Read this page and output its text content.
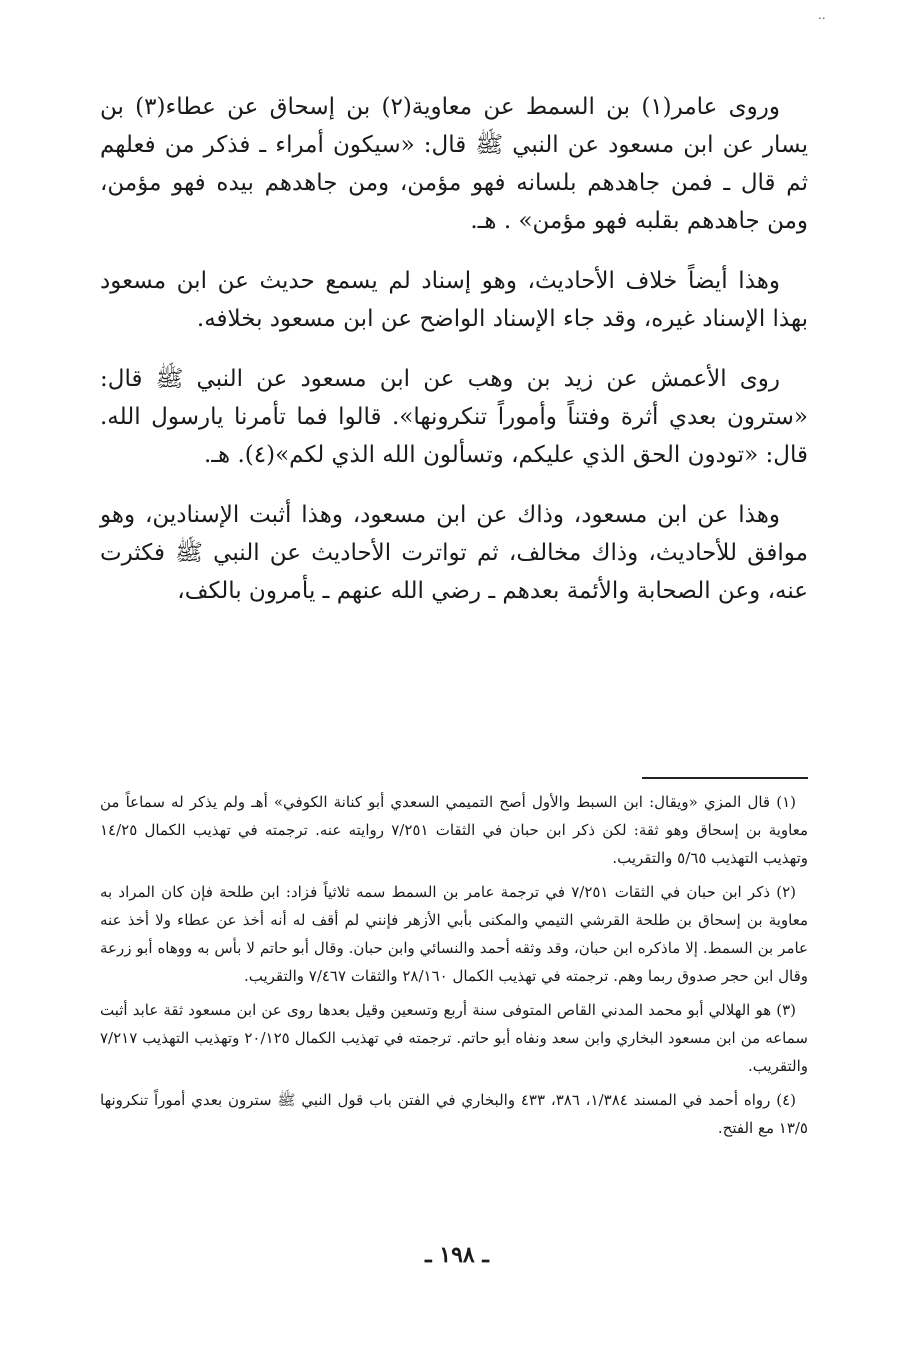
..

وروى عامر(١) بن السمط عن معاوية(٢) بن إسحاق عن عطاء(٣) بن يسار عن ابن مسعود عن النبي ﷺ قال: «سيكون أمراء ـ فذكر من فعلهم ثم قال ـ فمن جاهدهم بلسانه فهو مؤمن، ومن جاهدهم بيده فهو مؤمن، ومن جاهدهم بقلبه فهو مؤمن» . هـ.

وهذا أيضاً خلاف الأحاديث، وهو إسناد لم يسمع حديث عن ابن مسعود بهذا الإسناد غيره، وقد جاء الإسناد الواضح عن ابن مسعود بخلافه.

روى الأعمش عن زيد بن وهب عن ابن مسعود عن النبي ﷺ قال: «سترون بعدي أثرة وفتناً وأموراً تنكرونها». قالوا فما تأمرنا يارسول الله. قال: «تودون الحق الذي عليكم، وتسألون الله الذي لكم»(٤). هـ.

وهذا عن ابن مسعود، وذاك عن ابن مسعود، وهذا أثبت الإسنادين، وهو موافق للأحاديث، وذاك مخالف، ثم تواترت الأحاديث عن النبي ﷺ فكثرت عنه، وعن الصحابة والأئمة بعدهم ـ رضي الله عنهم ـ يأمرون بالكف،

(١) قال المزي «ويقال: ابن السبط والأول أصح التميمي السعدي أبو كنانة الكوفي» أهـ ولم يذكر له سماعاً من معاوية بن إسحاق وهو ثقة: لكن ذكر ابن حبان في الثقات ٧/٢٥١ روايته عنه. ترجمته في تهذيب الكمال ١٤/٢٥ وتهذيب التهذيب ٥/٦٥ والتقريب.

(٢) ذكر ابن حبان في الثقات ٧/٢٥١ في ترجمة عامر بن السمط سمه ثلاثياً فزاد: ابن طلحة فإن كان المراد به معاوية بن إسحاق بن طلحة القرشي التيمي والمكنى بأبي الأزهر فإنني لم أقف له أنه أخذ عن عطاء ولا أخذ عنه عامر بن السمط. إلا ماذكره ابن حبان، وقد وثقه أحمد والنسائي وابن حبان. وقال أبو حاتم لا بأس به ووهاه أبو زرعة وقال ابن حجر صدوق ربما وهم. ترجمته في تهذيب الكمال ٢٨/١٦٠ والثقات ٧/٤٦٧ والتقريب.

(٣) هو الهلالي أبو محمد المدني القاص المتوفى سنة أربع وتسعين وقيل بعدها روى عن ابن مسعود ثقة عابد أثبت سماعه من ابن مسعود البخاري وابن سعد ونفاه أبو حاتم. ترجمته في تهذيب الكمال ٢٠/١٢٥ وتهذيب التهذيب ٧/٢١٧ والتقريب.

(٤) رواه أحمد في المسند ١/٣٨٤، ٣٨٦، ٤٣٣ والبخاري في الفتن باب قول النبي ﷺ سترون بعدي أموراً تنكرونها ١٣/٥ مع الفتح.

ـ ١٩٨ ـ
